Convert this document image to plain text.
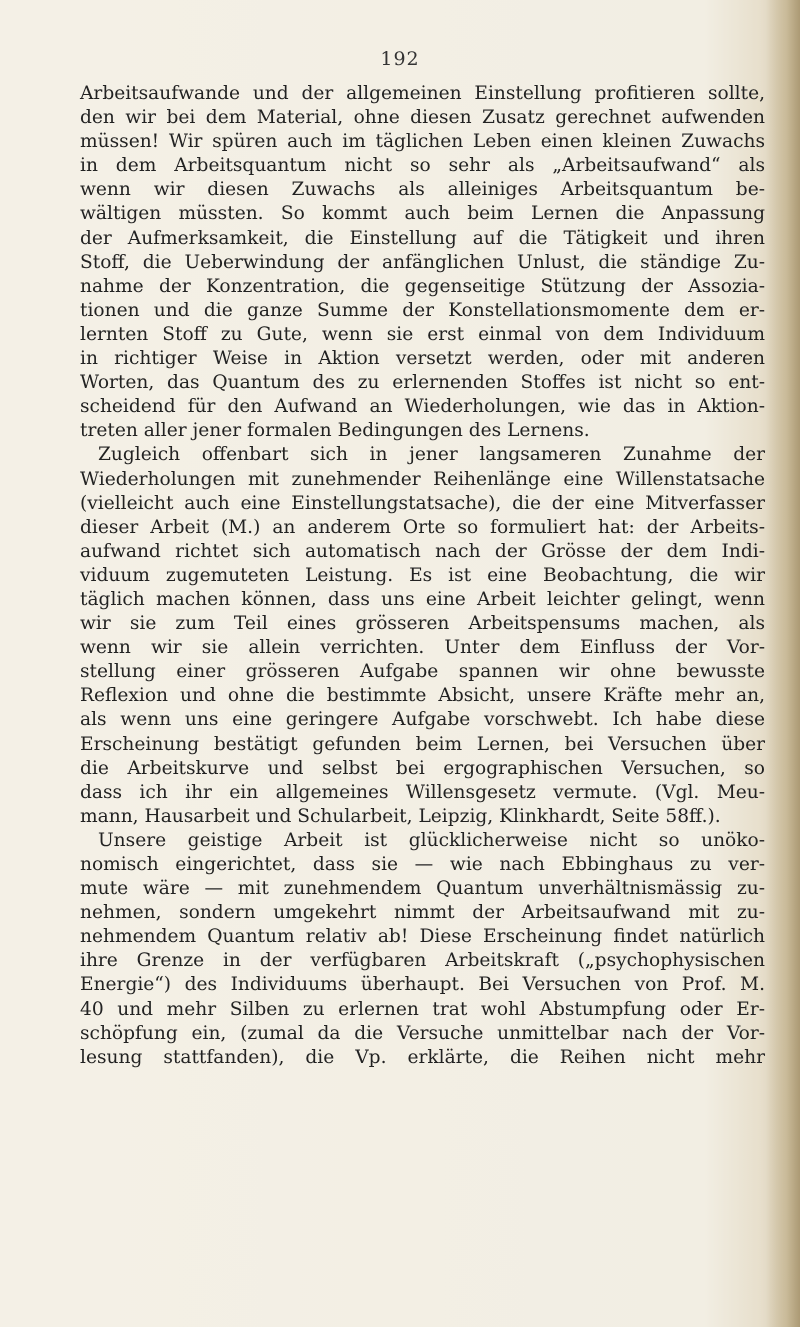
192
Arbeitsaufwande und der allgemeinen Einstellung profitieren sollte,
den wir bei dem Material, ohne diesen Zusatz gerechnet aufwenden
müssen! Wir spüren auch im täglichen Leben einen kleinen Zuwachs
in dem Arbeitsquantum nicht so sehr als „Arbeitsaufwand“ als
wenn wir diesen Zuwachs als alleiniges Arbeitsquantum be-
wältigen müssten. So kommt auch beim Lernen die Anpassung
der Aufmerksamkeit, die Einstellung auf die Tätigkeit und ihren
Stoff, die Ueberwindung der anfänglichen Unlust, die ständige Zu-
nahme der Konzentration, die gegenseitige Stützung der Assozia-
tionen und die ganze Summe der Konstellationsmomente dem er-
lernten Stoff zu Gute, wenn sie erst einmal von dem Individuum
in richtiger Weise in Aktion versetzt werden, oder mit anderen
Worten, das Quantum des zu erlernenden Stoffes ist nicht so ent-
scheidend für den Aufwand an Wiederholungen, wie das in Aktion-
treten aller jener formalen Bedingungen des Lernens.
Zugleich offenbart sich in jener langsameren Zunahme der
Wiederholungen mit zunehmender Reihenlänge eine Willenstatsache
(vielleicht auch eine Einstellungstatsache), die der eine Mitverfasser
dieser Arbeit (M.) an anderem Orte so formuliert hat: der Arbeits-
aufwand richtet sich automatisch nach der Grösse der dem Indi-
viduum zugemuteten Leistung. Es ist eine Beobachtung, die wir
täglich machen können, dass uns eine Arbeit leichter gelingt, wenn
wir sie zum Teil eines grösseren Arbeitspensums machen, als
wenn wir sie allein verrichten. Unter dem Einfluss der Vor-
stellung einer grösseren Aufgabe spannen wir ohne bewusste
Reflexion und ohne die bestimmte Absicht, unsere Kräfte mehr an,
als wenn uns eine geringere Aufgabe vorschwebt. Ich habe diese
Erscheinung bestätigt gefunden beim Lernen, bei Versuchen über
die Arbeitskurve und selbst bei ergographischen Versuchen, so
dass ich ihr ein allgemeines Willensgesetz vermute. (Vgl. Meu-
mann, Hausarbeit und Schularbeit, Leipzig, Klinkhardt, Seite 58ff.).
Unsere geistige Arbeit ist glücklicherweise nicht so unöko-
nomisch eingerichtet, dass sie — wie nach Ebbinghaus zu ver-
mute wäre — mit zunehmendem Quantum unverhältnismässig zu-
nehmen, sondern umgekehrt nimmt der Arbeitsaufwand mit zu-
nehmendem Quantum relativ ab! Diese Erscheinung findet natürlich
ihre Grenze in der verfügbaren Arbeitskraft („psychophysischen
Energie“) des Individuums überhaupt. Bei Versuchen von Prof. M.
40 und mehr Silben zu erlernen trat wohl Abstumpfung oder Er-
schöpfung ein, (zumal da die Versuche unmittelbar nach der Vor-
lesung stattfanden), die Vp. erklärte, die Reihen nicht mehr
